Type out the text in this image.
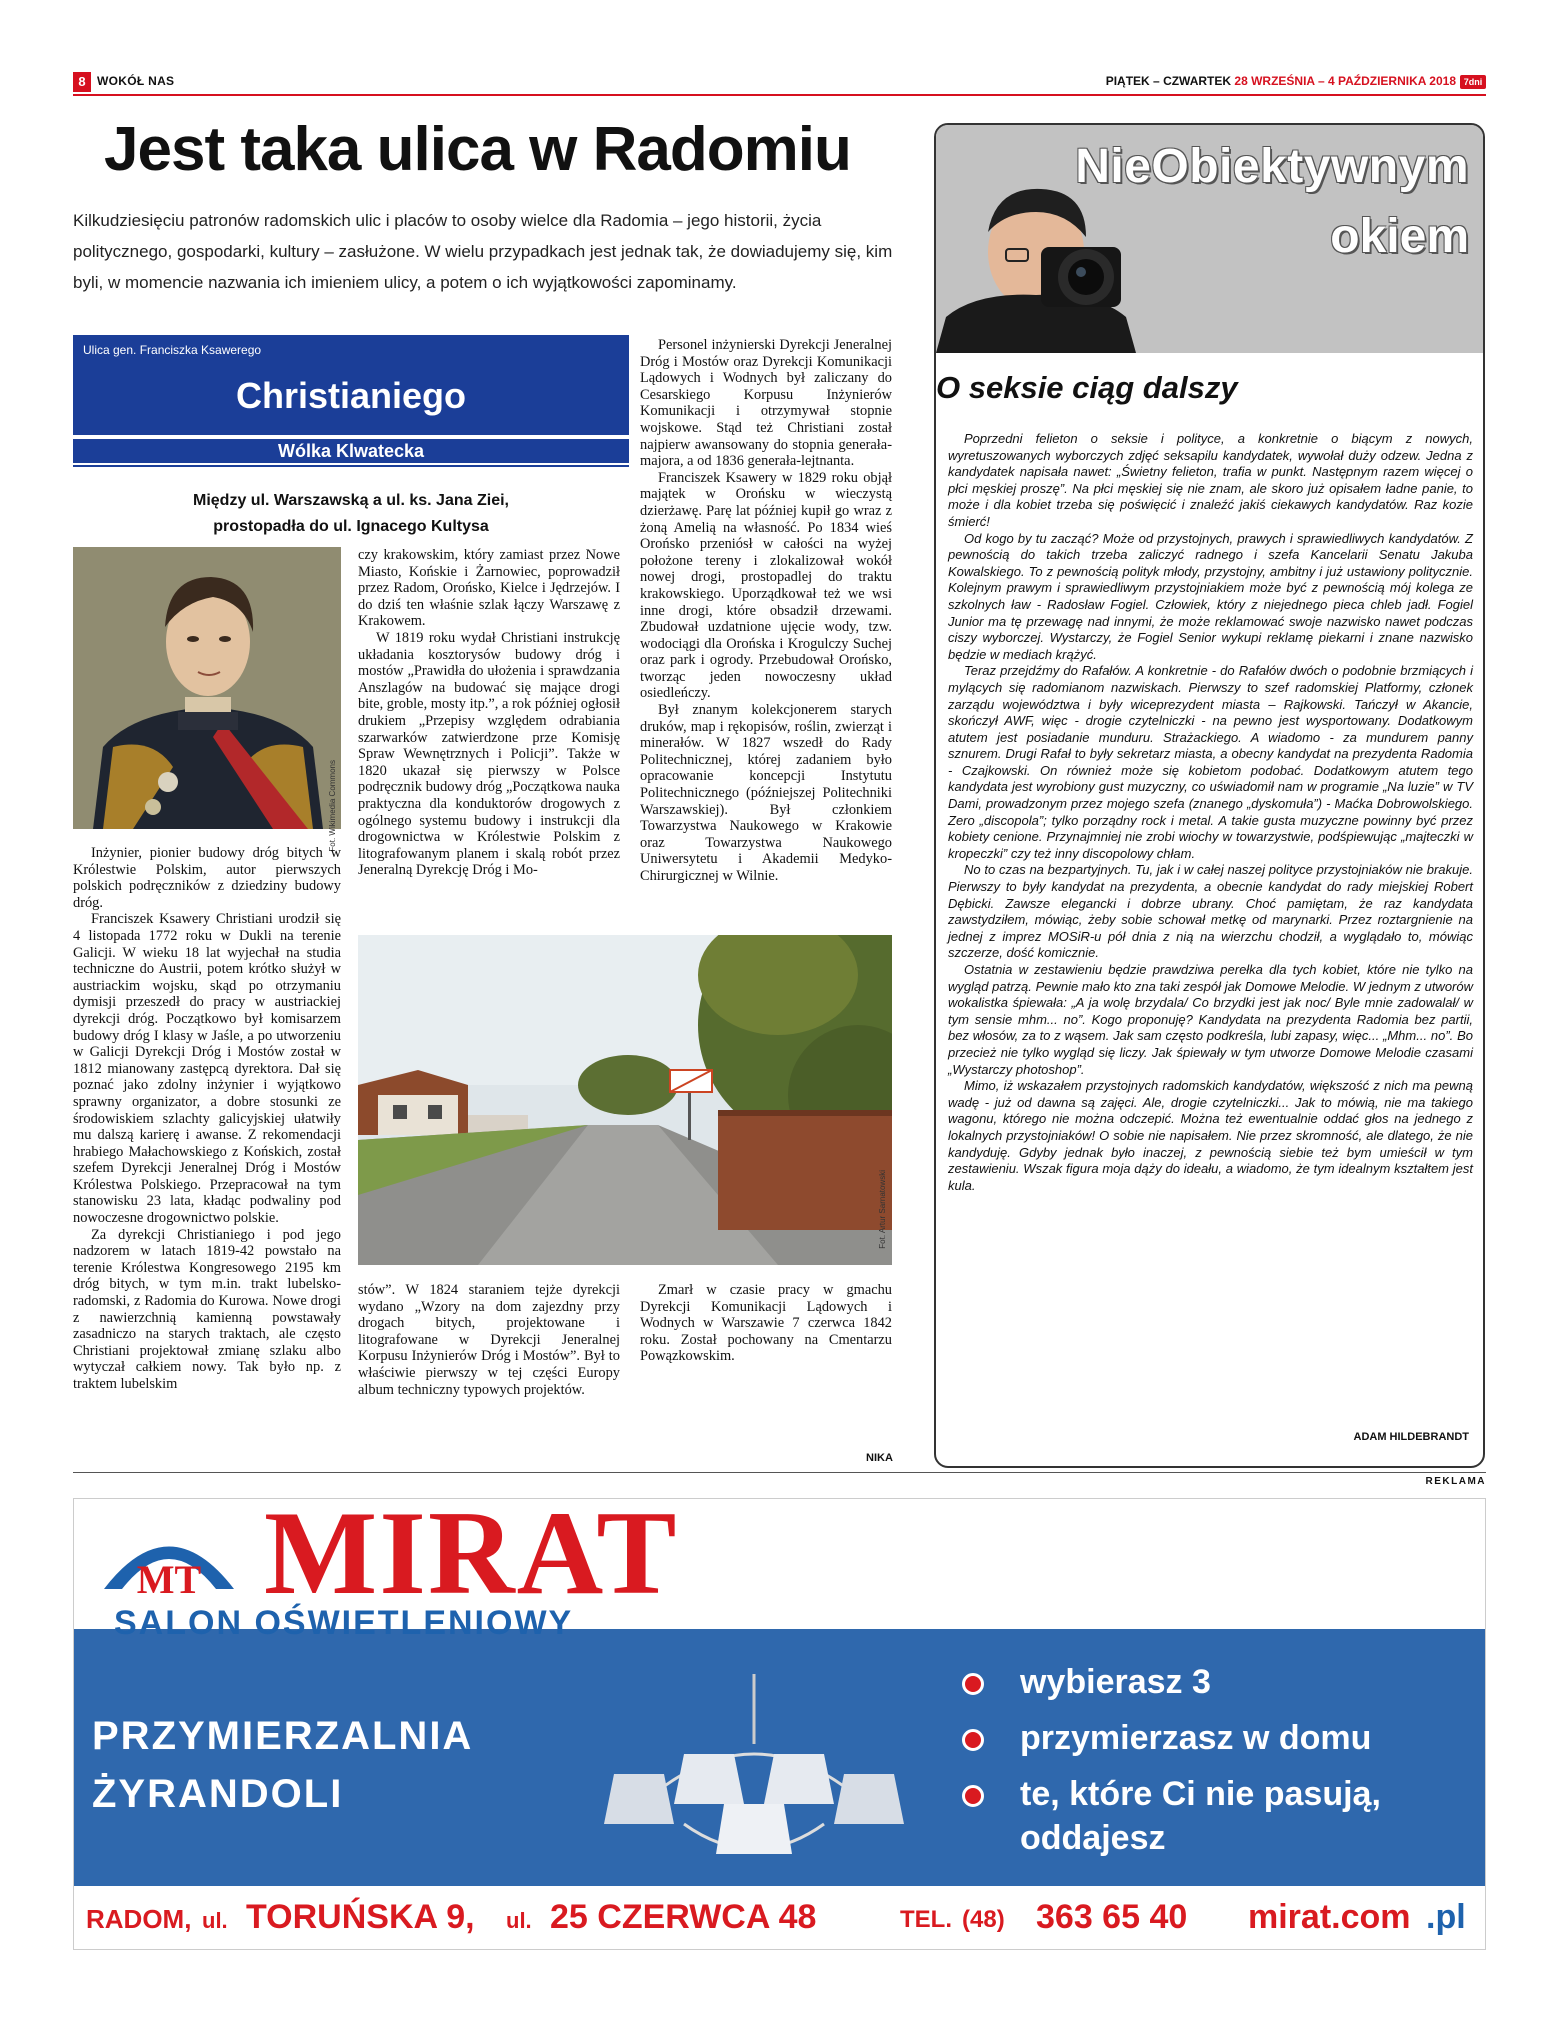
8 WOKÓŁ NAS	PIĄTEK – CZWARTEK 28 WRZEŚNIA – 4 PAŹDZIERNIKA 2018 7dni
Jest taka ulica w Radomiu

Kilkudziesięciu patronów radomskich ulic i placów to osoby wielce dla Radomia – jego historii, życia politycznego, gospodarki, kultury – zasłużone. W wielu przypadkach jest jednak tak, że dowiadujemy się, kim byli, w momencie nazwania ich imieniem ulicy, a potem o ich wyjątkowości zapominamy.

Ulica gen. Franciszka Ksawerego
Christianiego
Wólka Klwatecka
Między ul. Warszawską a ul. ks. Jana Ziei,
prostopadła do ul. Ignacego Kultysa
Fot. Wikimedia Commons

Inżynier, pionier budowy dróg bitych w Królestwie Polskim, autor pierwszych polskich podręczników z dziedziny budowy dróg.

Franciszek Ksawery Christiani urodził się 4 listopada 1772 roku w Dukli na terenie Galicji. W wieku 18 lat wyjechał na studia techniczne do Austrii, potem krótko służył w austriackim wojsku, skąd po otrzymaniu dymisji przeszedł do pracy w austriackiej dyrekcji dróg. Początkowo był komisarzem budowy dróg I klasy w Jaśle, a po utworzeniu w Galicji Dyrekcji Dróg i Mostów został w 1812 mianowany zastępcą dyrektora. Dał się poznać jako zdolny inżynier i wyjątkowo sprawny organizator, a dobre stosunki ze środowiskiem szlachty galicyjskiej ułatwiły mu dalszą karierę i awanse. Z rekomendacji hrabiego Małachowskiego z Końskich, został szefem Dyrekcji Jeneralnej Dróg i Mostów Królestwa Polskiego. Przepracował na tym stanowisku 23 lata, kładąc podwaliny pod nowoczesne drogownictwo polskie.

Za dyrekcji Christianiego i pod jego nadzorem w latach 1819-42 powstało na terenie Królestwa Kongresowego 2195 km dróg bitych, w tym m.in. trakt lubelsko-radomski, z Radomia do Kurowa. Nowe drogi z nawierzchnią kamienną powstawały zasadniczo na starych traktach, ale często Christiani projektował zmianę szlaku albo wytyczał całkiem nowy. Tak było np. z traktem lubelskim

czy krakowskim, który zamiast przez Nowe Miasto, Końskie i Żarnowiec, poprowadził przez Radom, Orońsko, Kielce i Jędrzejów. I do dziś ten właśnie szlak łączy Warszawę z Krakowem.

W 1819 roku wydał Christiani instrukcję układania kosztorysów budowy dróg i mostów „Prawidła do ułożenia i sprawdzania Anszlagów na budować się mające drogi bite, groble, mosty itp.”, a rok później ogłosił drukiem „Przepisy względem odrabiania szarwarków zatwierdzone prze Komisję Spraw Wewnętrznych i Policji”. Także w 1820 ukazał się pierwszy w Polsce podręcznik budowy dróg „Początkowa nauka praktyczna dla konduktorów drogowych z ogólnego systemu budowy i instrukcji dla drogownictwa w Królestwie Polskim z litografowanym planem i skalą robót przez Jeneralną Dyrekcję Dróg i Mo-

Personel inżynierski Dyrekcji Jeneralnej Dróg i Mostów oraz Dyrekcji Komunikacji Lądowych i Wodnych był zaliczany do Cesarskiego Korpusu Inżynierów Komunikacji i otrzymywał stopnie wojskowe. Stąd też Christiani został najpierw awansowany do stopnia generała-majora, a od 1836 generała-lejtnanta.

Franciszek Ksawery w 1829 roku objął majątek w Orońsku w wieczystą dzierżawę. Parę lat później kupił go wraz z żoną Amelią na własność. Po 1834 wieś Orońsko przeniósł w całości na wyżej położone tereny i zlokalizował wokół nowej drogi, prostopadlej do traktu krakowskiego. Uporządkował też we wsi inne drogi, które obsadził drzewami. Zbudował uzdatnione ujęcie wody, tzw. wodociągi dla Orońska i Krogulczy Suchej oraz park i ogrody. Przebudował Orońsko, tworząc jeden nowoczesny układ osiedleńczy.

Był znanym kolekcjonerem starych druków, map i rękopisów, roślin, zwierząt i minerałów. W 1827 wszedł do Rady Politechnicznej, której zadaniem było opracowanie koncepcji Instytutu Politechnicznego (późniejszej Politechniki Warszawskiej). Był członkiem Towarzystwa Naukowego w Krakowie oraz Towarzystwa Naukowego Uniwersytetu i Akademii Medyko-Chirurgicznej w Wilnie.

Fot. Artur Sarnatowski

stów”. W 1824 staraniem tejże dyrekcji wydano „Wzory na dom zajezdny przy drogach bitych, projektowane i litografowane w Dyrekcji Jeneralnej Korpusu Inżynierów Dróg i Mostów”. Był to właściwie pierwszy w tej części Europy album techniczny typowych projektów.

Zmarł w czasie pracy w gmachu Dyrekcji Komunikacji Lądowych i Wodnych w Warszawie 7 czerwca 1842 roku. Został pochowany na Cmentarzu Powązkowskim.

NIKA
NieObiektywnym
okiem
O seksie ciąg dalszy

Poprzedni felieton o seksie i polityce, a konkretnie o biącym z nowych, wyretuszowanych wyborczych zdjęć seksapilu kandydatek, wywołał duży odzew. Jedna z kandydatek napisała nawet: „Świetny felieton, trafia w punkt. Następnym razem więcej o płci męskiej proszę”. Na płci męskiej się nie znam, ale skoro już opisałem ładne panie, to może i dla kobiet trzeba się poświęcić i znaleźć jakiś ciekawych kandydatów. Raz kozie śmierć!

Od kogo by tu zacząć? Może od przystojnych, prawych i sprawiedliwych kandydatów. Z pewnością do takich trzeba zaliczyć radnego i szefa Kancelarii Senatu Jakuba Kowalskiego. To z pewnością polityk młody, przystojny, ambitny i już ustawiony politycznie. Kolejnym prawym i sprawiedliwym przystojniakiem może być z pewnością mój kolega ze szkolnych ław - Radosław Fogiel. Człowiek, który z niejednego pieca chleb jadł. Fogiel Junior ma tę przewagę nad innymi, że może reklamować swoje nazwisko nawet podczas ciszy wyborczej. Wystarczy, że Fogiel Senior wykupi reklamę piekarni i znane nazwisko będzie w mediach krążyć.

Teraz przejdźmy do Rafałów. A konkretnie - do Rafałów dwóch o podobnie brzmiących i mylących się radomianom nazwiskach. Pierwszy to szef radomskiej Platformy, członek zarządu województwa i były wiceprezydent miasta – Rajkowski. Tańczył w Akancie, skończył AWF, więc - drogie czytelniczki - na pewno jest wysportowany. Dodatkowym atutem jest posiadanie munduru. Strażackiego. A wiadomo - za mundurem panny sznurem. Drugi Rafał to były sekretarz miasta, a obecny kandydat na prezydenta Radomia - Czajkowski. On również może się kobietom podobać. Dodatkowym atutem tego kandydata jest wyrobiony gust muzyczny, co uświadomił nam w programie „Na luzie” w TV Dami, prowadzonym przez mojego szefa (znanego „dyskomuła”) - Maćka Dobrowolskiego. Zero „discopola”; tylko porządny rock i metal. A takie gusta muzyczne powinny być przez kobiety cenione. Przynajmniej nie zrobi wiochy w towarzystwie, podśpiewując „majteczki w kropeczki” czy też inny discopolowy chłam.

No to czas na bezpartyjnych. Tu, jak i w całej naszej polityce przystojniaków nie brakuje. Pierwszy to były kandydat na prezydenta, a obecnie kandydat do rady miejskiej Robert Dębicki. Zawsze elegancki i dobrze ubrany. Choć pamiętam, że raz kandydata zawstydziłem, mówiąc, żeby sobie schował metkę od marynarki. Przez roztargnienie na jednej z imprez MOSiR-u pół dnia z nią na wierzchu chodził, a wyglądało to, mówiąc szczerze, dość komicznie.

Ostatnia w zestawieniu będzie prawdziwa perełka dla tych kobiet, które nie tylko na wygląd patrzą. Pewnie mało kto zna taki zespół jak Domowe Melodie. W jednym z utworów wokalistka śpiewała: „A ja wolę brzydala/ Co brzydki jest jak noc/ Byle mnie zadowalał/ w tym sensie mhm... no”. Kogo proponuję? Kandydata na prezydenta Radomia bez partii, bez włosów, za to z wąsem. Jak sam często podkreśla, lubi zapasy, więc... „Mhm... no”. Bo przecież nie tylko wygląd się liczy. Jak śpiewały w tym utworze Domowe Melodie czasami „Wystarczy photoshop”.

Mimo, iż wskazałem przystojnych radomskich kandydatów, większość z nich ma pewną wadę - już od dawna są zajęci. Ale, drogie czytelniczki... Jak to mówią, nie ma takiego wagonu, którego nie można odczepić. Można też ewentualnie oddać głos na jednego z lokalnych przystojniaków! O sobie nie napisałem. Nie przez skromność, ale dlatego, że nie kandyduję. Gdyby jednak było inaczej, z pewnością siebie też bym umieścił w tym zestawieniu. Wszak figura moja dąży do ideału, a wiadomo, że tym idealnym kształtem jest kula.

ADAM HILDEBRANDT
REKLAMA
MT MIRAT
SALON OŚWIETLENIOWY
PRZYMIERZALNIA
ŻYRANDOLI
wybierasz 3
przymierzasz w domu
te, które Ci nie pasują, oddajesz
RADOM, ul. TORUŃSKA 9, ul. 25 CZERWCA 48	TEL. (48) 363 65 40 mirat.com .pl
